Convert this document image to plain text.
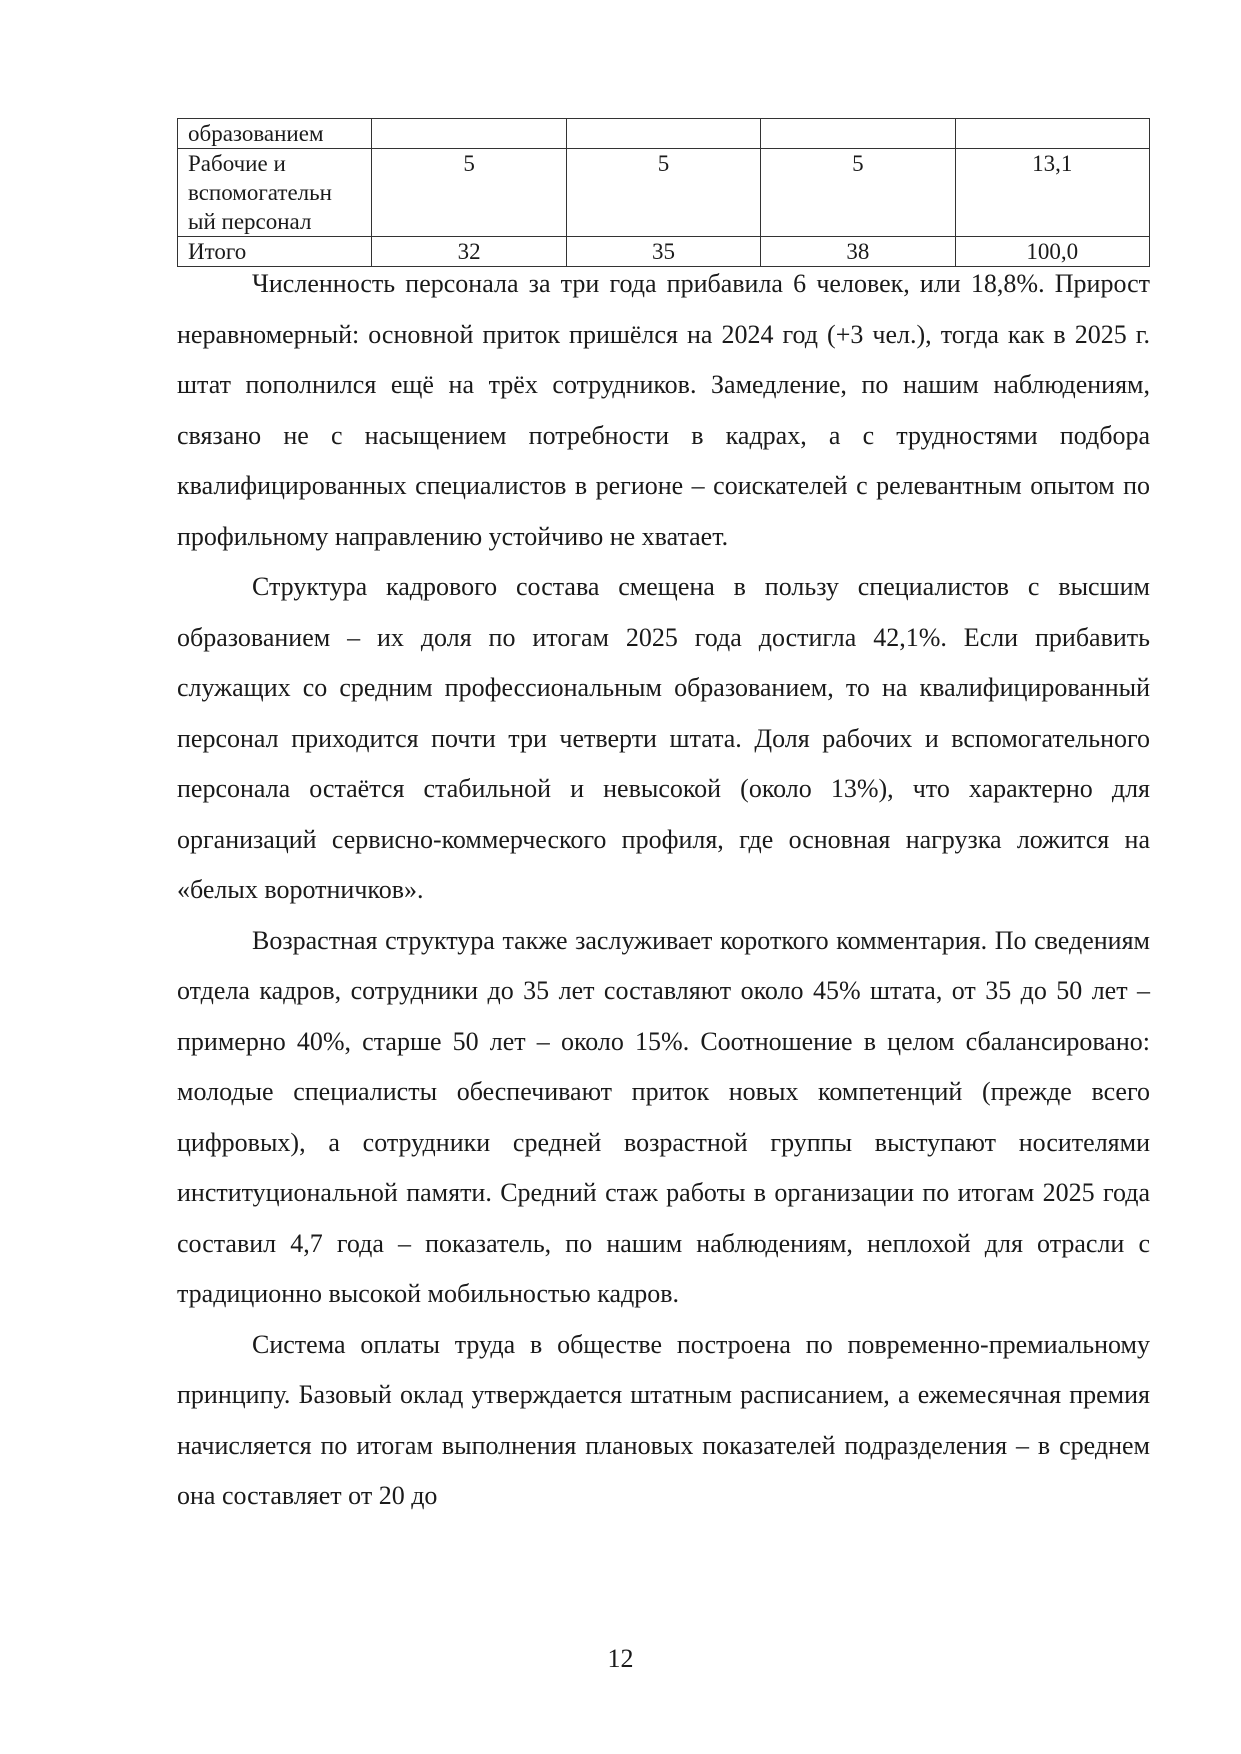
образованием				
Рабочие и вспомогательн ый персонал	5	5	5	13,1
Итого	32	35	38	100,0

Численность персонала за три года прибавила 6 человек, или 18,8%. Прирост неравномерный: основной приток пришёлся на 2024 год (+3 чел.), тогда как в 2025 г. штат пополнился ещё на трёх сотрудников. Замедление, по нашим наблюдениям, связано не с насыщением потребности в кадрах, а с трудностями подбора квалифицированных специалистов в регионе – соискателей с релевантным опытом по профильному направлению устойчиво не хватает.

Структура кадрового состава смещена в пользу специалистов с высшим образованием – их доля по итогам 2025 года достигла 42,1%. Если прибавить служащих со средним профессиональным образованием, то на квалифицированный персонал приходится почти три четверти штата. Доля рабочих и вспомогательного персонала остаётся стабильной и невысокой (около 13%), что характерно для организаций сервисно-коммерческого профиля, где основная нагрузка ложится на «белых воротничков».

Возрастная структура также заслуживает короткого комментария. По сведениям отдела кадров, сотрудники до 35 лет составляют около 45% штата, от 35 до 50 лет – примерно 40%, старше 50 лет – около 15%. Соотношение в целом сбалансировано: молодые специалисты обеспечивают приток новых компетенций (прежде всего цифровых), а сотрудники средней возрастной группы выступают носителями институциональной памяти. Средний стаж работы в организации по итогам 2025 года составил 4,7 года – показатель, по нашим наблюдениям, неплохой для отрасли с традиционно высокой мобильностью кадров.

Система оплаты труда в обществе построена по повременно-премиальному принципу. Базовый оклад утверждается штатным расписанием, а ежемесячная премия начисляется по итогам выполнения плановых показателей подразделения – в среднем она составляет от 20 до

12
